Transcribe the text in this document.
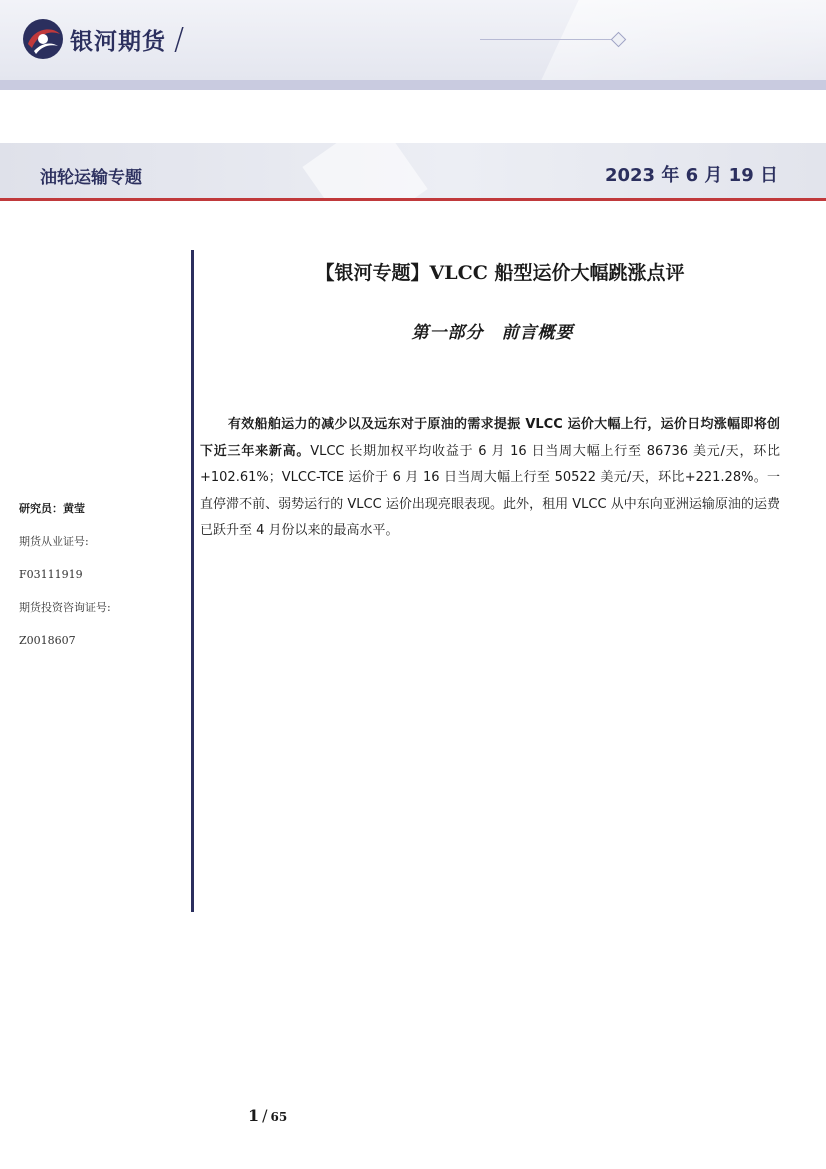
银河期货 /
油轮运输专题	2023 年 6 月 19 日
研究员：黄莹
期货从业证号:
F03111919
期货投资咨询证号:
Z0018607
【银河专题】VLCC 船型运价大幅跳涨点评
第一部分　前言概要
有效船舶运力的减少以及远东对于原油的需求提振 VLCC 运价大幅上行，运价日均涨幅即将创下近三年来新高。VLCC 长期加权平均收益于 6 月 16 日当周大幅上行至 86736 美元/天，环比+102.61%；VLCC-TCE 运价于 6 月 16 日当周大幅上行至 50522 美元/天，环比+221.28%。一直停滞不前、弱势运行的 VLCC 运价出现亮眼表现。此外，租用 VLCC 从中东向亚洲运输原油的运费已跃升至 4 月份以来的最高水平。
1 / 65
